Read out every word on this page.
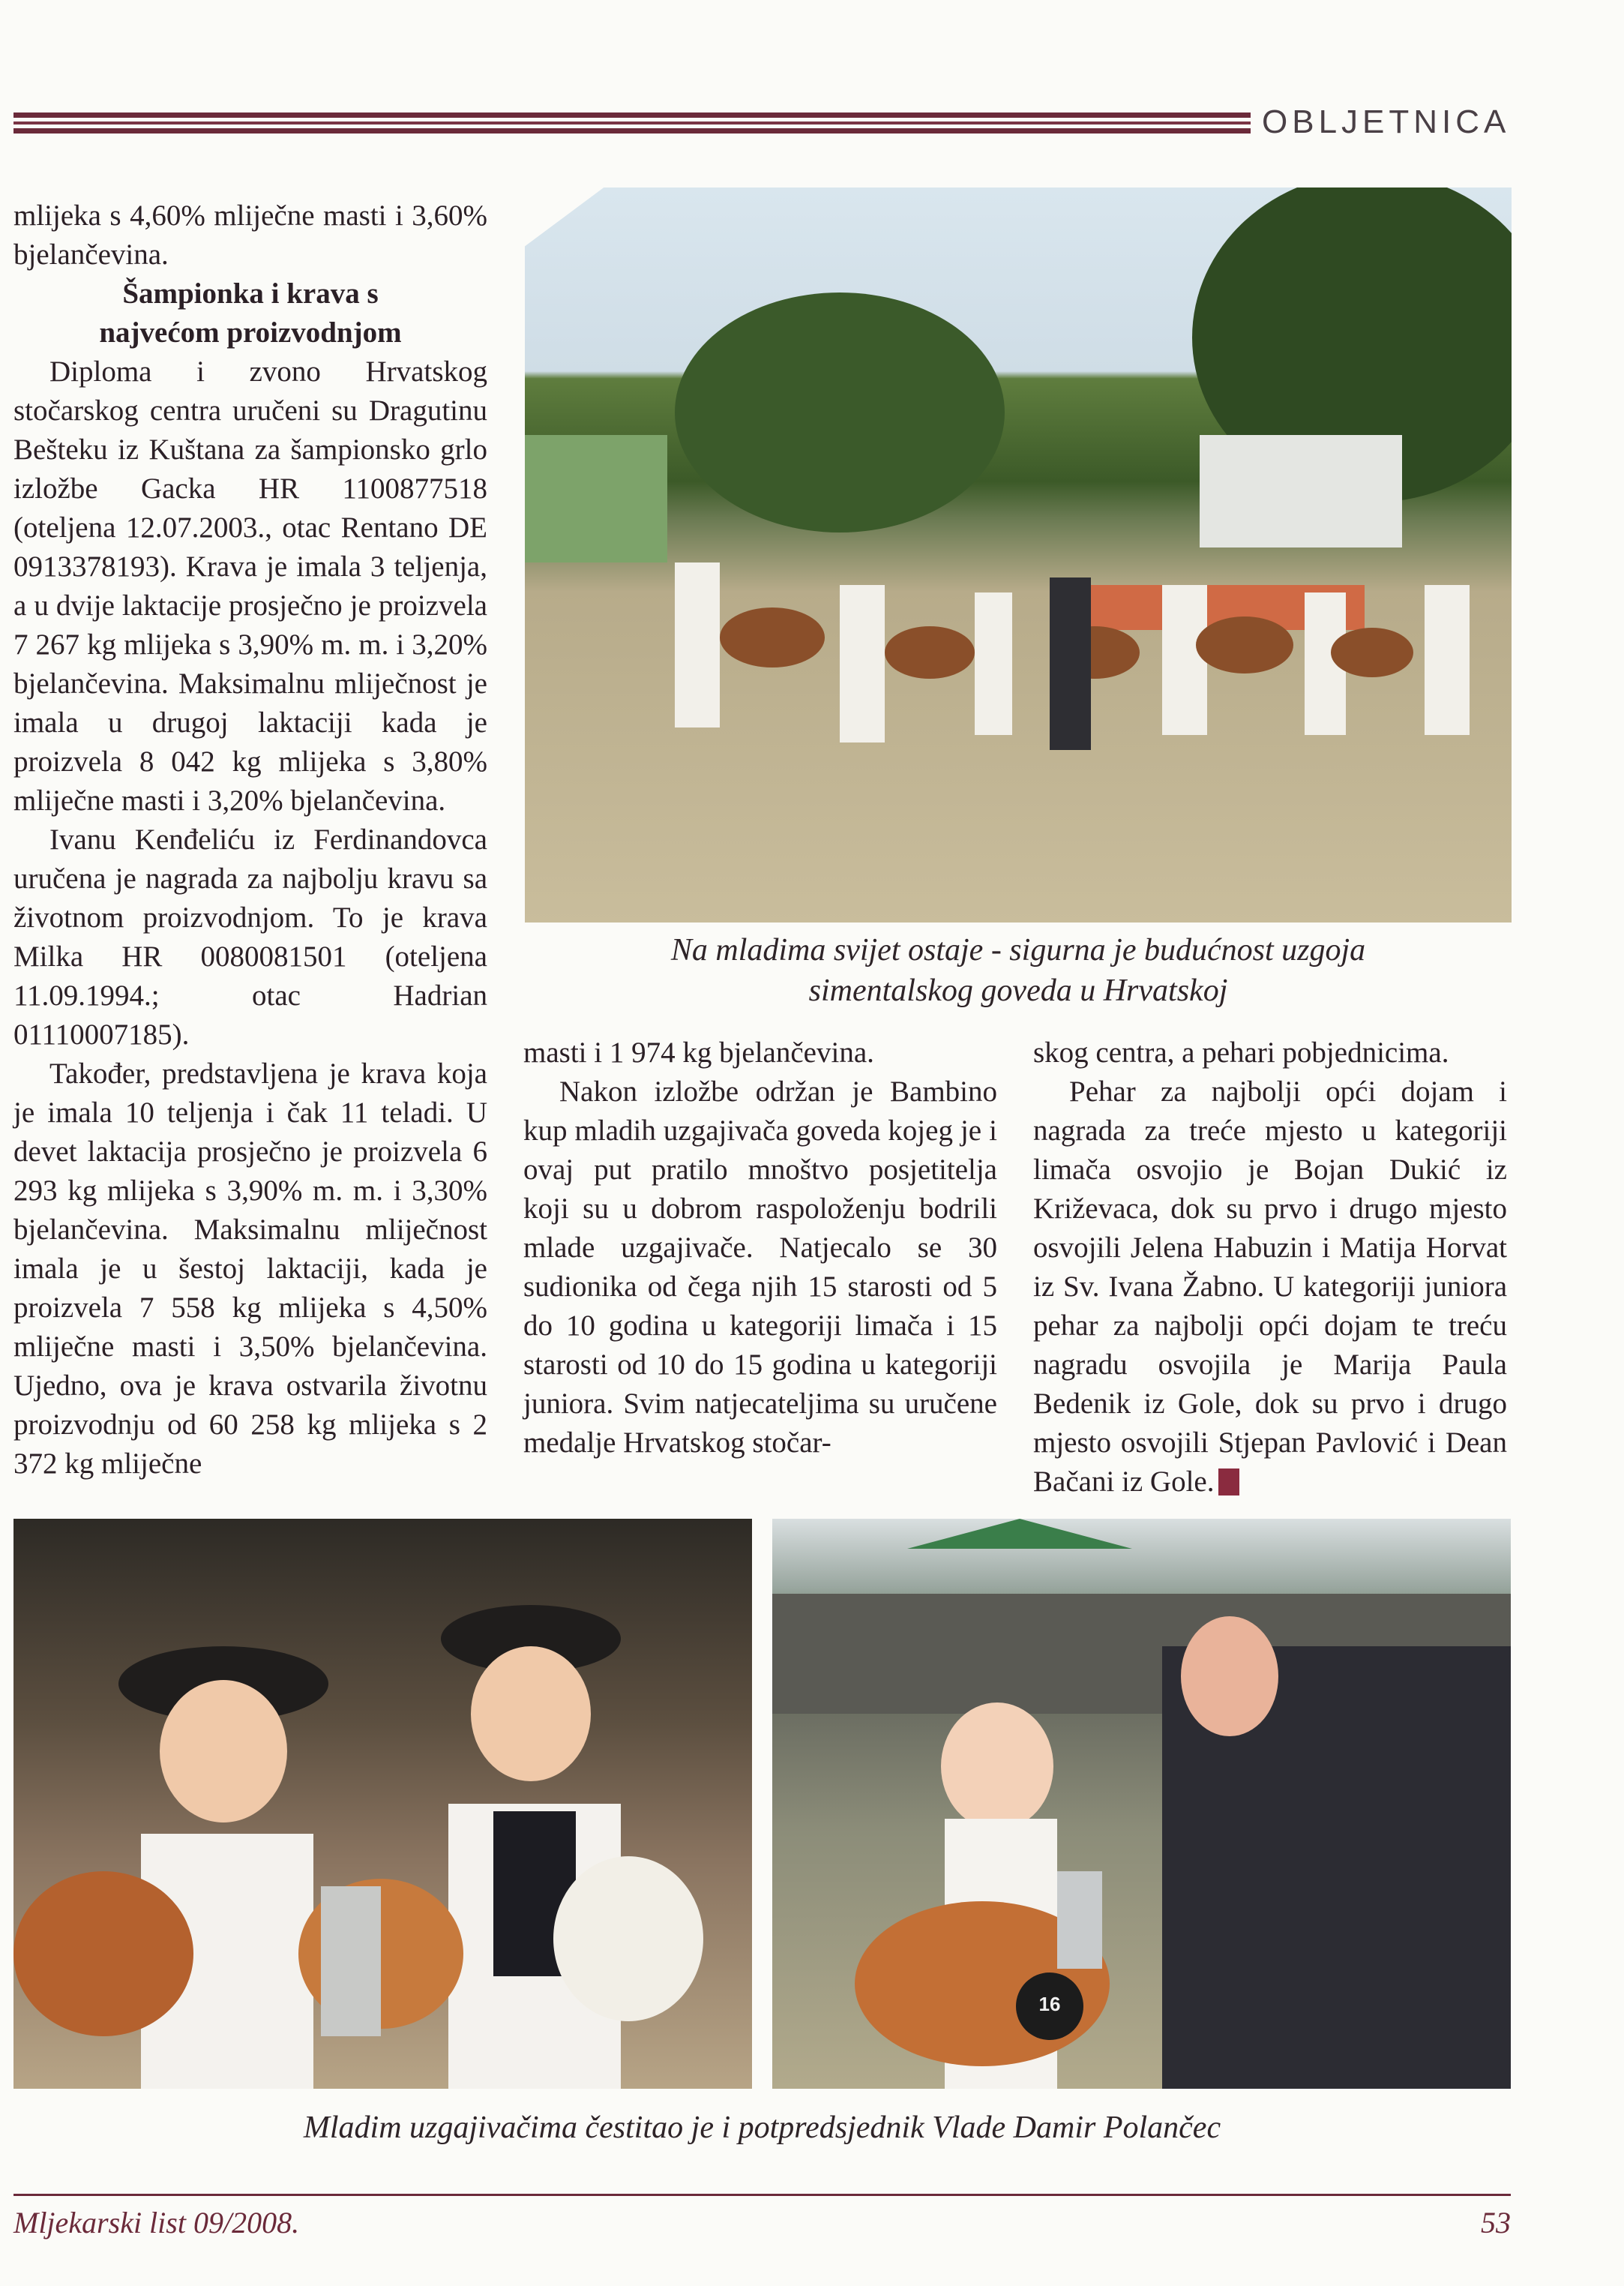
OBLJETNICA

mlijeka s 4,60% mliječne masti i 3,60% bjelančevina.

Šampionka i krava s
najvećom proizvodnjom

Diploma i zvono Hrvatskog stočarskog centra uručeni su Dragutinu Bešteku iz Kuštana za šampionsko grlo izložbe Gacka HR 1100877518 (oteljena 12.07.2003., otac Rentano DE 0913378193). Krava je imala 3 teljenja, a u dvije laktacije prosječno je proizvela 7 267 kg mlijeka s 3,90% m. m. i 3,20% bjelančevina. Maksimalnu mliječnost je imala u drugoj laktaciji kada je proizvela 8 042 kg mlijeka s 3,80% mliječne masti i 3,20% bjelančevina.

Ivanu Kenđeliću iz Ferdinandovca uručena je nagrada za najbolju kravu sa životnom proizvodnjom. To je krava Milka HR 0080081501 (oteljena 11.09.1994.; otac Hadrian 01110007185).

Također, predstavljena je krava koja je imala 10 teljenja i čak 11 teladi. U devet laktacija prosječno je proizvela 6 293 kg mlijeka s 3,90% m. m. i 3,30% bjelančevina. Maksimalnu mliječnost imala je u šestoj laktaciji, kada je proizvela 7 558 kg mlijeka s 4,50% mliječne masti i 3,50% bjelančevina. Ujedno, ova je krava ostvarila životnu proizvodnju od 60 258 kg mlijeka s 2 372 kg mliječne

Na mladima svijet ostaje - sigurna je budućnost uzgoja
simentalskog goveda u Hrvatskoj

masti i 1 974 kg bjelančevina.

Nakon izložbe održan je Bambino kup mladih uzgajivača goveda kojeg je i ovaj put pratilo mnoštvo posjetitelja koji su u dobrom raspoloženju bodrili mlade uzgajivače. Natjecalo se 30 sudionika od čega njih 15 starosti od 5 do 10 godina u kategoriji limača i 15 starosti od 10 do 15 godina u kategoriji juniora. Svim natjecateljima su uručene medalje Hrvatskog stočar-

skog centra, a pehari pobjednicima.

Pehar za najbolji opći dojam i nagrada za treće mjesto u kategoriji limača osvojio je Bojan Dukić iz Križevaca, dok su prvo i drugo mjesto osvojili Jelena Habuzin i Matija Horvat iz Sv. Ivana Žabno. U kategoriji juniora pehar za najbolji opći dojam te treću nagradu osvojila je Marija Paula Bedenik iz Gole, dok su prvo i drugo mjesto osvojili Stjepan Pavlović i Dean Bačani iz Gole.

16
Mladim uzgajivačima čestitao je i potpredsjednik Vlade Damir Polančec
Mljekarski list 09/2008.	53
